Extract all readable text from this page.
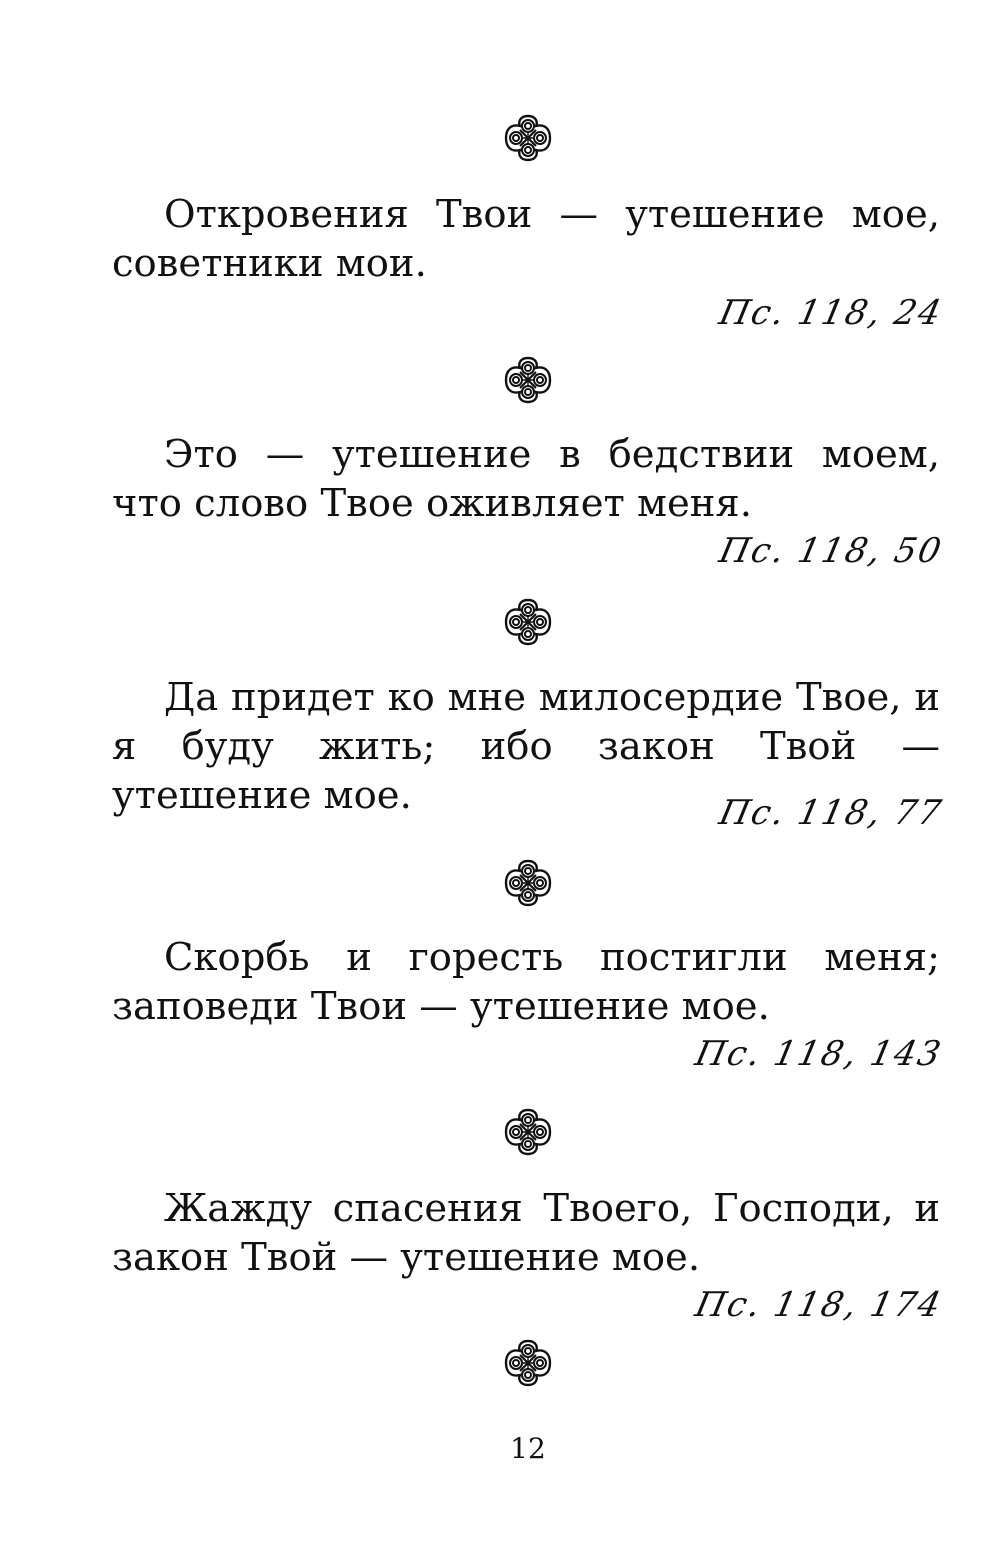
Откровения Твои — утешение мое, советники мои.

Пс. 118, 24

Это — утешение в бедствии моем, что слово Твое оживляет меня.

Пс. 118, 50

Да придет ко мне милосердие Твое, и я буду жить; ибо закон Твой — утешение мое.	Пс. 118, 77

Скорбь и горесть постигли меня; заповеди Твои — утешение мое.

Пс. 118, 143

Жажду спасения Твоего, Господи, и закон Твой — утешение мое.

Пс. 118, 174
12
